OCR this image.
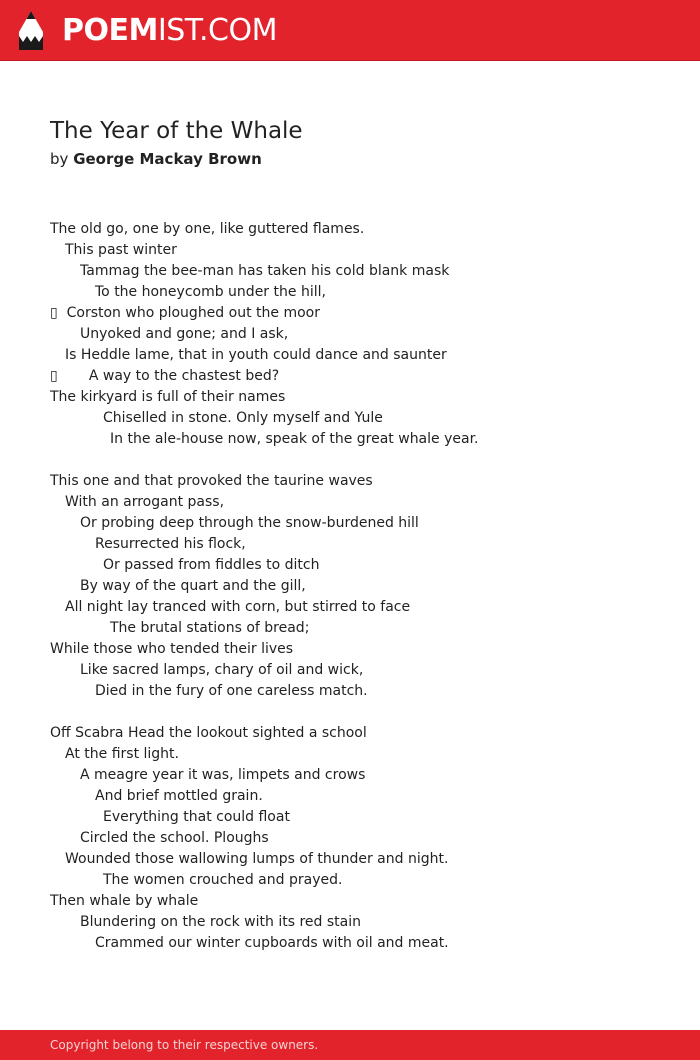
POEMIST.COM
The Year of the Whale
by George Mackay Brown
The old go, one by one, like guttered flames.
This past winter
Tammag the bee-man has taken his cold blank mask
To the honeycomb under the hill,
▯  Corston who ploughed out the moor
Unyoked and gone; and I ask,
Is Heddle lame, that in youth could dance and saunter
▯       A way to the chastest bed?
The kirkyard is full of their names
Chiselled in stone. Only myself and Yule
In the ale-house now, speak of the great whale year.
This one and that provoked the taurine waves
With an arrogant pass,
Or probing deep through the snow-burdened hill
Resurrected his flock,
Or passed from fiddles to ditch
By way of the quart and the gill,
All night lay tranced with corn, but stirred to face
The brutal stations of bread;
While those who tended their lives
Like sacred lamps, chary of oil and wick,
Died in the fury of one careless match.
Off Scabra Head the lookout sighted a school
At the first light.
A meagre year it was, limpets and crows
And brief mottled grain.
Everything that could float
Circled the school. Ploughs
Wounded those wallowing lumps of thunder and night.
The women crouched and prayed.
Then whale by whale
Blundering on the rock with its red stain
Crammed our winter cupboards with oil and meat.
Copyright belong to their respective owners.
